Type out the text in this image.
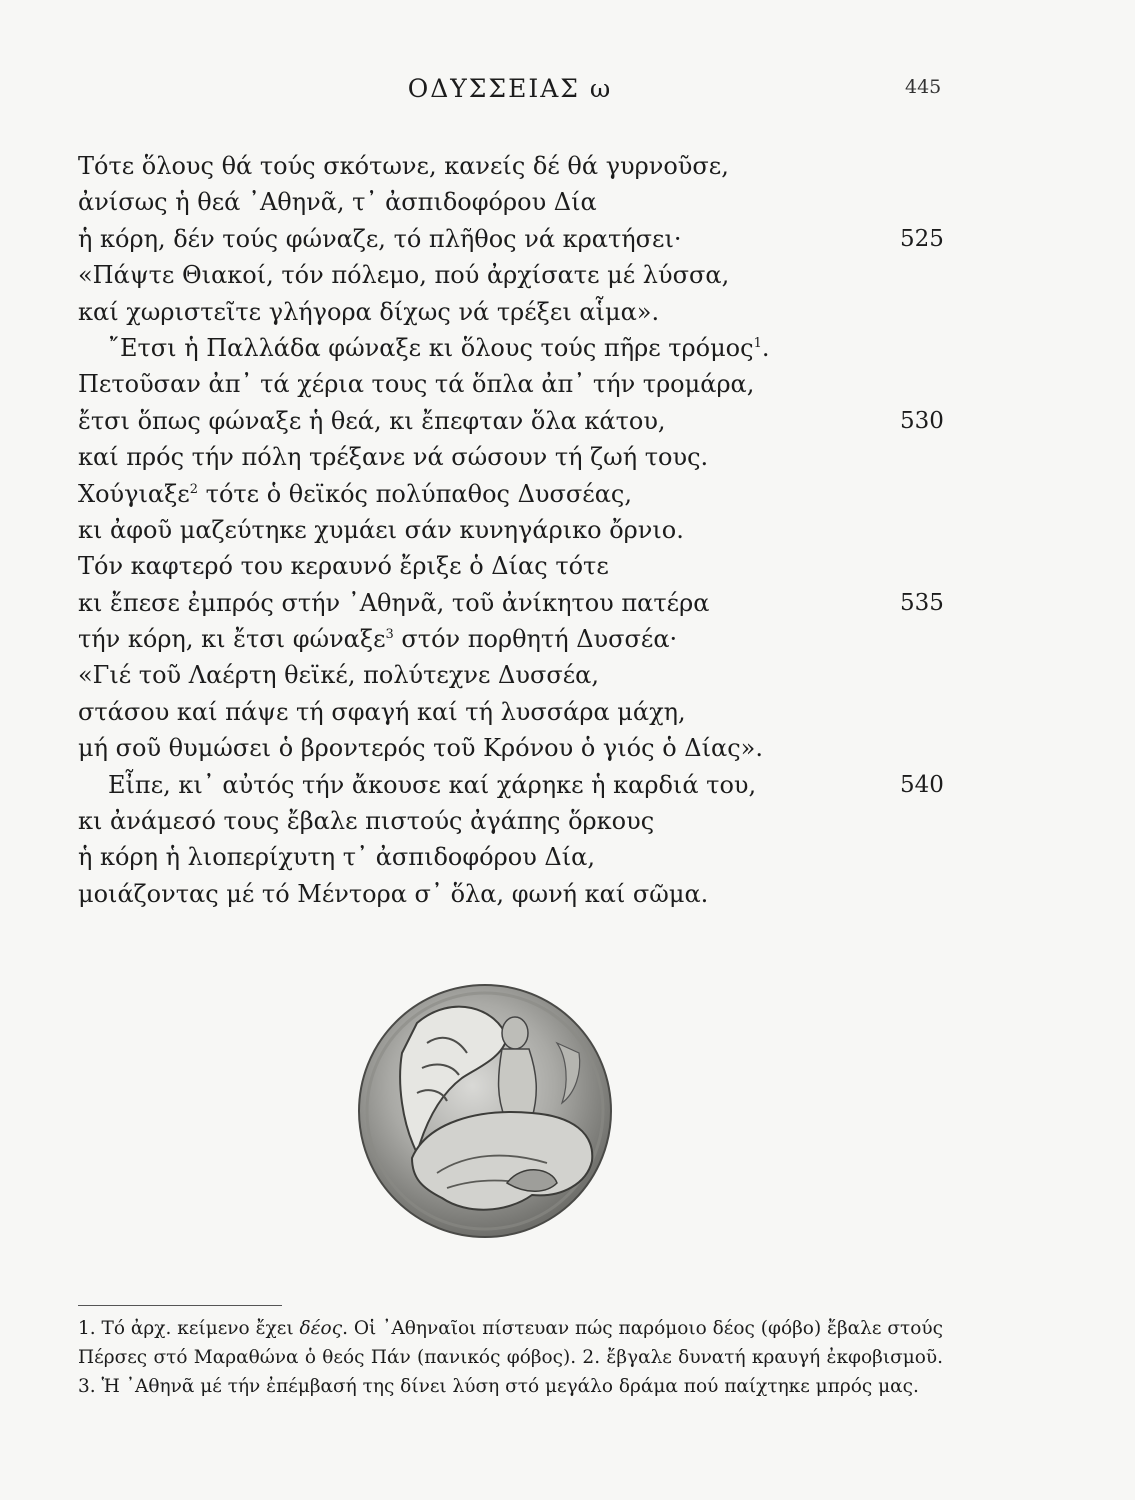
ΟΔΥΣΣΕΙΑΣ ω	445
Τότε ὅλους θά τούς σκότωνε, κανείς δέ θά γυρνοῦσε,
ἀνίσως ἡ θεά ᾿Αθηνᾶ, τ᾿ ἀσπιδοφόρου Δία
ἡ κόρη, δέν τούς φώναζε, τό πλῆθος νά κρατήσει·	525
«Πάψτε Θιακοί, τόν πόλεμο, πού ἀρχίσατε μέ λύσσα,
καί χωριστεῖτε γλήγορα δίχως νά τρέξει αἷμα».
῎Ετσι ἡ Παλλάδα φώναξε κι ὅλους τούς πῆρε τρόμος$^1$.
Πετοῦσαν ἀπ᾿ τά χέρια τους τά ὅπλα ἀπ᾿ τήν τρομάρα,
ἔτσι ὅπως φώναξε ἡ θεά, κι ἔπεφταν ὅλα κάτου,	530
καί πρός τήν πόλη τρέξανε νά σώσουν τή ζωή τους.
Χούγιαξε$^2$ τότε ὁ θεϊκός πολύπαθος Δυσσέας,
κι ἀφοῦ μαζεύτηκε χυμάει σάν κυνηγάρικο ὄρνιο.
Τόν καφτερό του κεραυνό ἔριξε ὁ Δίας τότε
κι ἔπεσε ἐμπρός στήν ᾿Αθηνᾶ, τοῦ ἀνίκητου πατέρα	535
τήν κόρη, κι ἔτσι φώναξε$^3$ στόν πορθητή Δυσσέα·
«Γιέ τοῦ Λαέρτη θεϊκέ, πολύτεχνε Δυσσέα,
στάσου καί πάψε τή σφαγή καί τή λυσσάρα μάχη,
μή σοῦ θυμώσει ὁ βροντερός τοῦ Κρόνου ὁ γιός ὁ Δίας».
Εἶπε, κι᾿ αὐτός τήν ἄκουσε καί χάρηκε ἡ καρδιά του,	540
κι ἀνάμεσό τους ἔβαλε πιστούς ἀγάπης ὅρκους
ἡ κόρη ἡ λιοπερίχυτη τ᾿ ἀσπιδοφόρου Δία,
μοιάζοντας μέ τό Μέντορα σ᾿ ὅλα, φωνή καί σῶμα.
1. Τό ἀρχ. κείμενο ἔχει δέος. Οἱ ᾿Αθηναῖοι πίστευαν πώς παρόμοιο δέος (φόβο) ἔβαλε στούς Πέρσες στό Μαραθώνα ὁ θεός Πάν (πανικός φόβος). 2. ἔβγαλε δυνατή κραυγή ἐκφοβισμοῦ. 3. Ἡ ᾿Αθηνᾶ μέ τήν ἐπέμβασή της δίνει λύση στό μεγάλο δράμα πού παίχτηκε μπρός μας.
